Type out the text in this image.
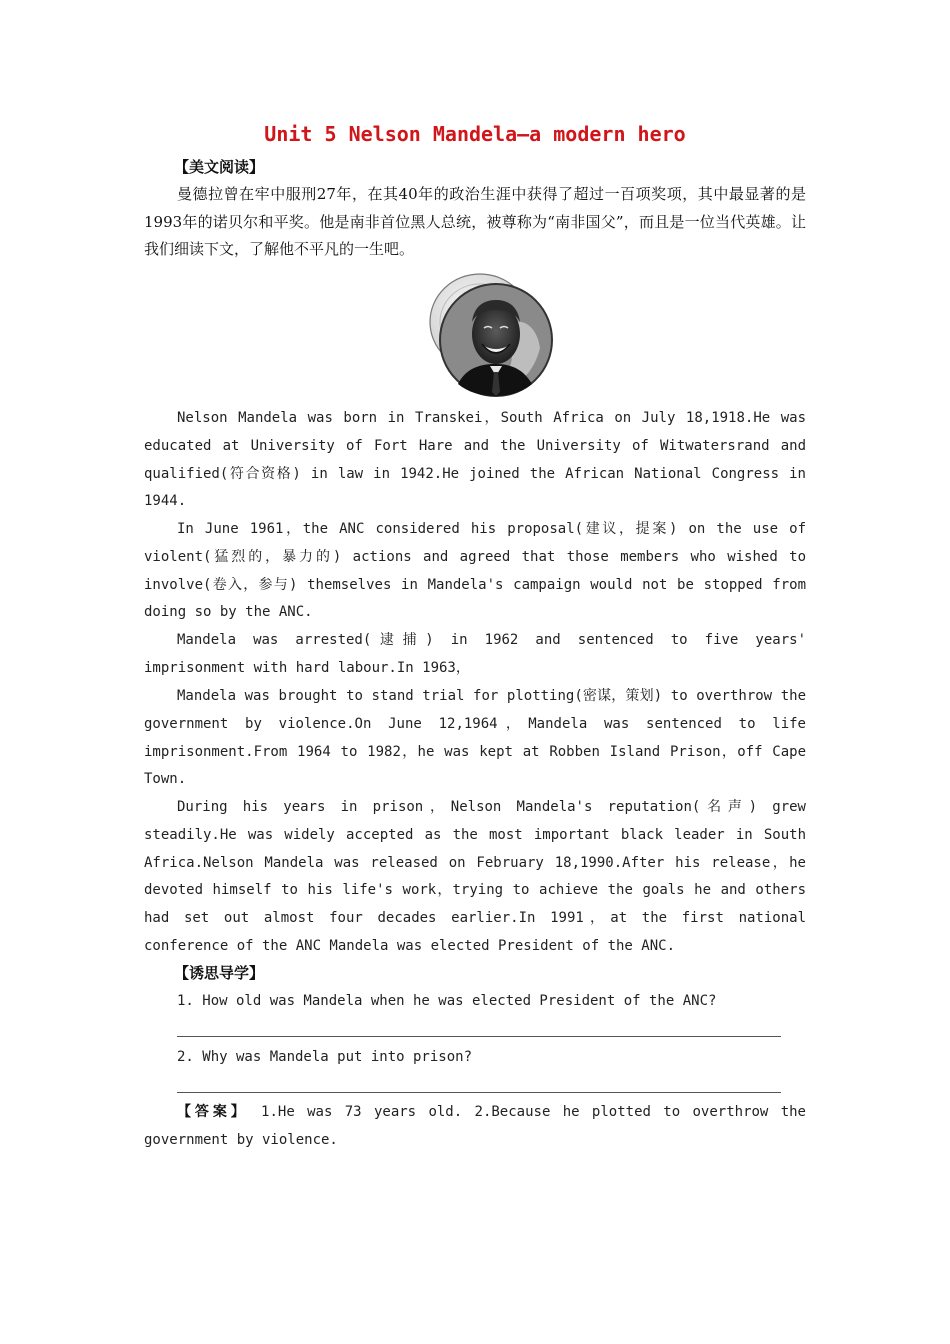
Unit 5 Nelson Mandela—a modern hero
【美文阅读】
曼德拉曾在牢中服刑27年，在其40年的政治生涯中获得了超过一百项奖项，其中最显著的是1993年的诺贝尔和平奖。他是南非首位黑人总统，被尊称为“南非国父”，而且是一位当代英雄。让我们细读下文，了解他不平凡的一生吧。
Nelson Mandela was born in Transkei，South Africa on July 18,1918.He was educated at University of Fort Hare and the University of Witwatersrand and qualified(符合资格) in law in 1942.He joined the African National Congress in 1944.
In June 1961，the ANC considered his proposal(建议，提案) on the use of violent(猛烈的，暴力的) actions and agreed that those members who wished to involve(卷入，参与) themselves in Mandela's campaign would not be stopped from doing so by the ANC.
Mandela was arrested(逮捕) in 1962 and sentenced to five years' imprisonment with hard labour.In 1963，
Mandela was brought to stand trial for plotting(密谋，策划) to overthrow the government by violence.On June 12,1964，Mandela was sentenced to life imprisonment.From 1964 to 1982，he was kept at Robben Island Prison，off Cape Town.
During his years in prison，Nelson Mandela's reputation(名声) grew steadily.He was widely accepted as the most important black leader in South Africa.Nelson Mandela was released on February 18,1990.After his release，he devoted himself to his life's work，trying to achieve the goals he and others had set out almost four decades earlier.In 1991，at the first national conference of the ANC Mandela was elected President of the ANC.
【诱思导学】
1. How old was Mandela when he was elected President of the ANC?
2. Why was Mandela put into prison?
【答案】 1.He was 73 years old. 2.Because he plotted to overthrow the government by violence.
